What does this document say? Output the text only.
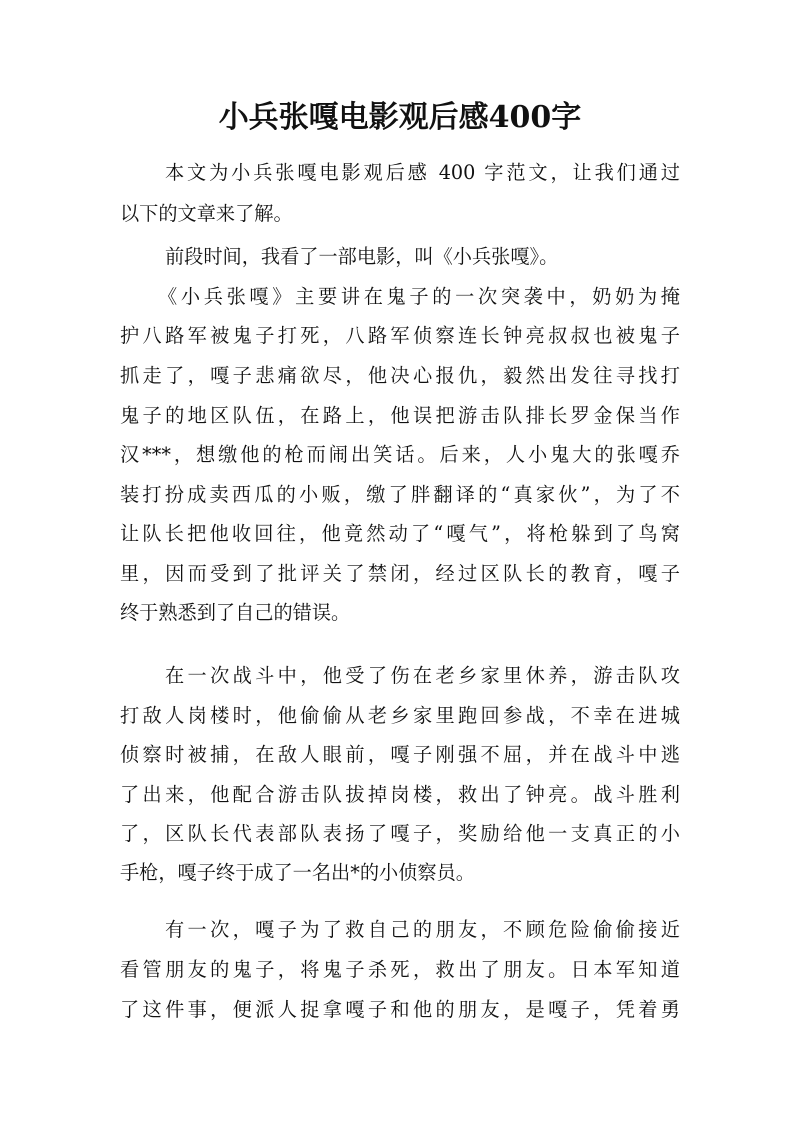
小兵张嘎电影观后感400字
本文为小兵张嘎电影观后感 400 字范文，让我们通过
以下的文章来了解。
前段时间，我看了一部电影，叫《小兵张嘎》。
《小兵张嘎》主要讲在鬼子的一次突袭中，奶奶为掩
护八路军被鬼子打死，八路军侦察连长钟亮叔叔也被鬼子
抓走了，嘎子悲痛欲尽，他决心报仇，毅然出发往寻找打
鬼子的地区队伍，在路上，他误把游击队排长罗金保当作
汉***，想缴他的枪而闹出笑话。后来，人小鬼大的张嘎乔
装打扮成卖西瓜的小贩，缴了胖翻译的“真家伙”，为了不
让队长把他收回往，他竟然动了“嘎气”，将枪躲到了鸟窝
里，因而受到了批评关了禁闭，经过区队长的教育，嘎子
终于熟悉到了自己的错误。
在一次战斗中，他受了伤在老乡家里休养，游击队攻
打敌人岗楼时，他偷偷从老乡家里跑回参战，不幸在进城
侦察时被捕，在敌人眼前，嘎子刚强不屈，并在战斗中逃
了出来，他配合游击队拔掉岗楼，救出了钟亮。战斗胜利
了，区队长代表部队表扬了嘎子，奖励给他一支真正的小
手枪，嘎子终于成了一名出*的小侦察员。
有一次，嘎子为了救自己的朋友，不顾危险偷偷接近
看管朋友的鬼子，将鬼子杀死，救出了朋友。日本军知道
了这件事，便派人捉拿嘎子和他的朋友，是嘎子，凭着勇
